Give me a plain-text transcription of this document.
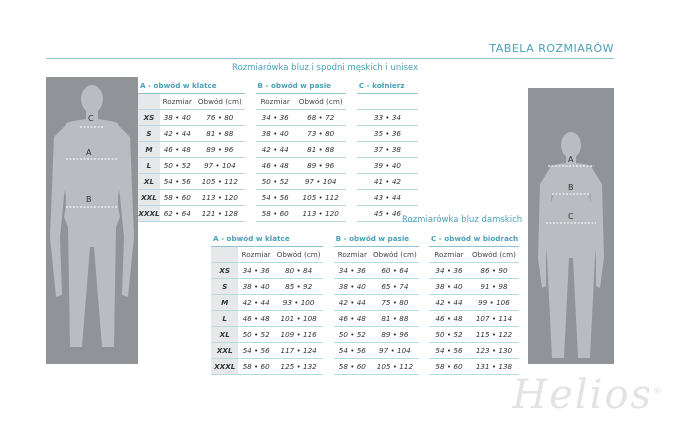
TABELA ROZMIARÓW
C
A
B
A
B
C
Rozmiarówka bluz i spodni męskich i unisex
A - obwód w klatce				B - obwód w pasie			C - kołnierz
	Rozmiar	Obwód (cm)		Rozmiar	Obwód (cm)		
XS	38 • 40	76 • 80		34 • 36	68 • 72		33 • 34
S	42 • 44	81 • 88		38 • 40	73 • 80		35 • 36
M	46 • 48	89 • 96		42 • 44	81 • 88		37 • 38
L	50 • 52	97 • 104		46 • 48	89 • 96		39 • 40
XL	54 • 56	105 • 112		50 • 52	97 • 104		41 • 42
XXL	58 • 60	113 • 120		54 • 56	105 • 112		43 • 44
XXXL	62 • 64	121 • 128		58 • 60	113 • 120		45 • 46
Rozmiarówka bluz damskich
A - obwód w klatce				B - obwód w pasie			C - obwód w biodrach	
	Rozmiar	Obwód (cm)		Rozmiar	Obwód (cm)		Rozmiar	Obwód (cm)
XS	34 • 36	80 • 84		34 • 36	60 • 64		34 • 36	86 • 90
S	38 • 40	85 • 92		38 • 40	65 • 74		38 • 40	91 • 98
M	42 • 44	93 • 100		42 • 44	75 • 80		42 • 44	99 • 106
L	46 • 48	101 • 108		46 • 48	81 • 88		46 • 48	107 • 114
XL	50 • 52	109 • 116		50 • 52	89 • 96		50 • 52	115 • 122
XXL	54 • 56	117 • 124		54 • 56	97 • 104		54 • 56	123 • 130
XXXL	58 • 60	125 • 132		58 • 60	105 • 112		58 • 60	131 • 138
Helios®
